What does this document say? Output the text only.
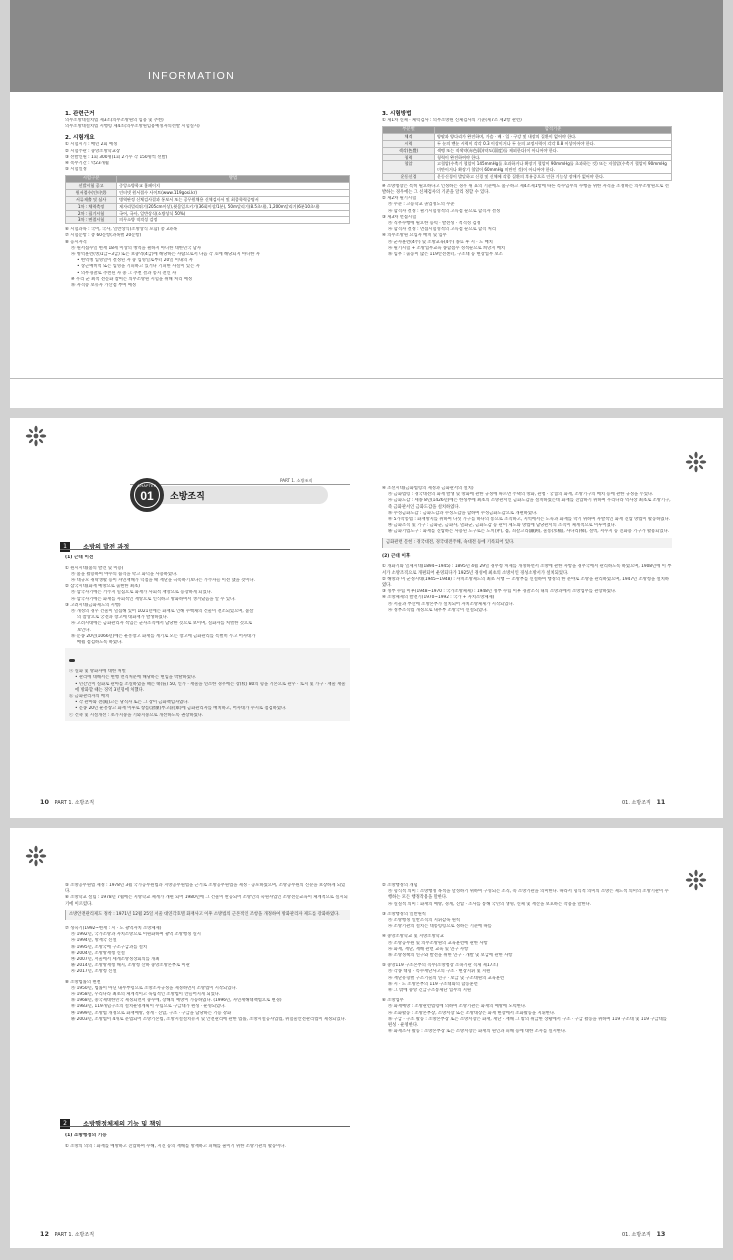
INFORMATION
1. 관련근거
의무소방대설치법 제3조(의무소방원의 임용 및 추천)
의무소방대설치법 시행령 제4조(의무소방원임용예정자의선발 시험실시)
2. 시험개요
① 시험시기 : 매년 2회 예정
② 시험주관 : 중앙소방학교장
③ 선발인원 : 1회 300명(1회 2기수 각 150명씩 선발)
④ 복무기간 : 약23개월
⑤ 시험일정
시험구분	방법
선발시험 공고	중앙소방학교 홈페이지
원서접수(인터넷)	인터넷 원서접수 사이트(www.119gosi.kr)
서류제출 및 심사	병역판정 신체검사결과 통보서 또는 공무원채용 신체검사서 및 최종학력증명서
1차 : 체력측정	제자리멀리뛰기(205cm이상),윗몸일으키기(36회이상/1분), 50m달리기(8.5초내), 1,200m달리기(6분10초내)
2차 : 필기시험	국어, 국사, 일반상식(소방상식 50%)
3차 : 면접시험	의무소방 적격성 검정
⑥ 시험과목 : 국어, 국사, 일반상식(소방상식 포함) 총 3과목
⑦ 시험문항 : 총 60문항(과목별 20문항)
⑧ 응시자격
㉮ 원서접수일 현재 18세 이상의 병역을 필하지 아니한 대한민국 남자
㉯ 병역훈련(병)1급~3급) 또는 보충역(4급)에 해당하는 사람으로서 다음 각 호에 해당되지 아니한 자
• 현역병 입영일이 결정된 자 중 입영일로부터 20일 이내의 자
• 상근예비역 또는 입영을 기피하고 있거나 기피한 사실이 있는 자
• 의무경찰로 추천된 자 중 그 추천 결과 통지 전인 자
※ 우리 군 최적 전문화 참여는 의무소방원 시험을 위해 처리 예정
㉰ 자격증 보유자 가산점 부여 예정
3. 시험방법
① 제1차 신체 · 체력검사 : 의무소방원 신체검사의 기준(제7조 제2항 관련)
부분별	합격기준
체격	양팔과 양다리가 완전하며, 가슴 · 배 · 입 · 구강 및 내장의 질환이 없어야 한다.
시력	두 눈의 맨눈 시력이 각각 0.3 이상이거나 두 눈의 교정시력이 각각 0.8 이상이어야 한다.
색각(色覺)	색맹 또는 적색약(赤色弱)(약도(弱度)를 제외한다)이 아니어야 한다.
청력	청력이 완전하여야 한다.
혈압	고혈압(수축기 혈압이 145mmHg를 초과하거나 확장기 혈압이 90mmHg를 초과하는 것) 또는 저혈압(수축기 혈압이 90mmHg 미만이거나 확장기 혈압이 60mmHg 미만인 것)이 아니어야 한다.
운동신경	운동신경이 발달하고 신경 및 신체에 각종 질환의 후유증으로 인한 기능상 장애가 없어야 한다.
※ 소방청장은 특히 필요하다고 인정하는 경우 위 표의 기준에도 불구하고 제4조제1항에 따른 특수임무의 수행을 위한 자격을 조정하는 의무소방원으로 선발하는 경우에는 그 신체검사의 기준을 달리 정할 수 있다.
② 제2차 필기시험
㉮ 수준 : 고등학교 졸업정도의 수준
㉯ 합격자 결정 : 필기시험성적의 고득점 순으로 합격자 결정
③ 제3차 면접시험
㉮ 직무수행에 필요한 능력 · 발전성 · 적격성 검정
㉯ 합격자 결정 : 면접시험성적의 고득점 순으로 합격 처리
④ 의무소방원 요입자 배치 및 임무
㉮ 군사훈련(4주) 및 소방교육(4주) 종료 후 시 · 도 배치
㉯ 필기시험 + 소방업무교육 종합점수 성적순으로 희망지 배치
㉰ 임무 : 출동이 많은 119안전센터, 구조대 등 현장업무 보조
PART 1. 소방조직
CHAPTER
01	소방조직
1	소방의 발전 과정
(1) 근대 이전
① 원시시대(불의 발견 및 이용)
㉮ 불을 활용하여 야수의 습격을 막고 화덕을 사용하였다.
㉯ 대규모 취락생활 등이 자연재해가 덕점을 때 재난을 극복하기보다는 가주자들 이전 했을 것이다.
② 삼국시대(화재 예방으로 출현한 최초)
㉮ 삼국사기에는 거주지 밀집으로 화재가 사회적 재앙으로 등장하게 되었다.
㉯ 삼국사기에는 화재를 사회적인 재앙으로 인식하고 방화하여서 생겨났음을 알 수 있다.
③ 고려시대(금화제도의 시행)
㉮ 개성의 경우 건물이 밀집해 있어 1021년에는 화재로 인해 수백채의 건물이 전소되었으며, 불살
의 참상으로 궁전과 창고에 대화재가 발생하였다.
㉯ 고려시대에는 금화관리자 적임은 군사조직에서 담당한 것으로 보이며, 실화자를 처벌한 것으로
보인다.
㉰ 문종 20년(1066년)에는 운흥창고 화재를 계기로 모든 창고에 금화관리를 특별히 두고 어사대가
매월 점검하도록 하였다.
ⓐ 실화 및 방화자에 대한 처벌
• 관리에 대해서는 현행 면직처분에 해당하는 현임을 박탈하였다.
• 민간인이 실화로 관아를 소실하였을 때는 태(笞) 50, 인가 · 재물을 연소한 경우에는 장(杖) 80의 형을 기본으로 관우 · 토지 및 가구 · 재물 재물에 방화할 때는 징역 3년형에 처했다.
ⓑ 금화관리자의 배치
• 각 관아와 전(殿)고는 당직자 또는 그 장이 금화책임자였다.
• 문종 20년 운흥창고 화재 이후로 창름(倉廩)부고(府庫)에 금화관리자를 배치하고, 어사대가 수시로 점검하였다.
ⓒ 건축 및 시설개선 : 초가지붕을 기와지붕으로 개선하도록 권장하였다.
④ 조선시대(금화법령의 제정과 금화관서의 설치)
㉮ 금화법령 : 경국대전의 화재 발생 및 방화에 관한 규정에 따르면 주택의 방화, 관청 · 궁궐의 화재, 소방기구의 배치 등에 관한 규정을 두었다.
㉯ 금화도감 : 세종 8년(1426년)에는 한성부에 최초의 소방관서인 금화도감을 설치하였는데 화재를 진압하기 위하여 우리나라 역사상 최초로 소방기구, 즉 금화관서인 금화도감을 설치하였다.
㉰ 수성금화도감 : 금화도감과 수성도감을 합하여 수성금화도감으로 개편하였다.
㉱ 5가작통법 : 화재방지를 위하여 다섯 가구를 하나의 통으로 조직하고, 지역에서는 도둑과 화재를 막기 위하여 자발적인 화재 진압 방법이 활동하였다.
㉲ 금화조직 및 기구 : 금화군, 금화사, 멸화군, 금화도감 등 관이 제도와 방법에 담당관서의 조직이 체계적으로 이루어졌다.
㉳ 금화기법도구 : 화재를 진압하는 사용된 도구로는 도끼(斧), 톱, 쇠갈고리(鐵鉤), 물통(水桶), 사다리(梯), 절벽, 저수지 등 진화용 기구가 활용되었다.
금화관련 문헌 : 경국대전, 경국대전주해, 속대전 등에 기록되어 있다.
(2) 근대 이후
① 개화기와 일제시대(1894~1945) : 1895년 4월 29일 경무청 처제를 개정하면서 소방에 관한 사항을 경무국에서 관리하도록 하였으며, 1908년에 이 부서가 소방조직으로 개편되어 운영되다가 1925년 경성에 최초의 소방서인 경성소방서가 설치되었다.
② 해방과 미 군정시대(1945~1948) : 자치소방제도의 최초 시행 — 소방부를 신설하여 행정의 한 분야로 소방을 관리하였으며, 1947년 소방청을 설치하였다.
③ 정부 수립 이후(1948~1970 : 국가소방체제) : 1948년 정부 수립 이후 경찰조직 내의 소방과에서 소방업무를 관장하였다.
④ 소방체제의 발전기(1970~1992 : 국가 + 자치소방체제)
㉮ 서울과 부산에 소방본부가 설치되어 자치소방체제가 시작되었다.
㉯ 정부조직법 개정으로 내무부 소방국이 신설되었다.
10 PART 1. 소방조직	01. 소방조직 11
⑤ 소방공무원법 제정 : 1978년 3월 국가공무원법과 지방공무원법을 근거로 소방공무원법을 제정 · 공포하였으며, 소방공무원의 신분을 보장하게 되었다.
⑥ 소방학교 설립 : 1978년 7월에는 지방학교 체계가 개편 되어 1980년에 그 건물이 완공되어 소방인의 숙원사업인 소방전문교육이 체계적으로 실시되기에 이르렀다.
소방안전관리제도 정착 : 1971년 12월 25일 서울 대연각호텔 화재사고 이후 소방법의 근본적인 조항을 개정하여 방화관리자 제도를 강화하였다.
⑦ 성숙기(1992~현재 : 시 · 도 광역자치 소방체제)
㉮ 1992년, 국가소방과 자치소방으로 이원화하여 광역 소방행정 실시
㉯ 1994년, 방재국 신설
㉰ 1995년, 소방국에 구조구급과를 설치
㉱ 2004년, 소방방재청 신설
㉲ 2007년, 서울에서 세계소방정상회의를 개최
㉳ 2014년, 소방방재청 해지, 소방청 산하 중앙소방본부로 이관
㉴ 2017년, 소방청 신설
⑧ 소방법률의 변천
㉮ 1950년, 법률이 아닌 내무부령으로 소방조사규정을 제정하면서 소방법이 시작되었다.
㉯ 1958년, 우리나라 최초의 체계적이고 독립적인 소방법이 만들어지게 되었다.
㉰ 1968년, 중국제대한민국 제정되면서 중수에, 장해의 예방이 가능하였다. (1996년, 자연재해대책법으로 변경)
㉱ 1983년, 119개념구조의 설치운영계획이 수립으로 구급대가 편성 · 운영되었다.
㉲ 1999년, 소방법 개정으로 화재예방, 경계 · 진압, 구조 · 구급을 담당하는 기능 강화
㉳ 2003년, 소방법이 4개로 분법되어 소방기본법, 소방시설설치유지 및 안전관리에 관한 법률, 소방시설공사업법, 위험물안전관리법이 제정되었다.
2	소방행정체제의 기능 및 책임
(1) 소방행정의 기능
① 소방의 의의 : 화재를 예방하고 진압하며 수해, 지진 등의 재해를 방재하고 피해를 줄이기 위한 소방기관의 활동이다.
② 소방행정의 개념
㉮ 형식적 의미 : 소방행정 목적을 달성하기 위하여 구성되는 조직, 즉 소방기관을 의미한다. 따라서 형식적 의미의 소방은 제도적 의미의 소방기관이 수행하는 모든 행정작용을 말한다.
㉯ 실질적 의미 : 화재의 예방, 경계, 진압 · 조사를 통해 국민의 생명, 신체 및 재산을 보호하는 작용을 말한다.
③ 소방행정의 일반원칙
㉮ 소방행정 일반조직의 지휘감독 원칙
㉯ 소방기관의 설치는 대통령령으로 정하는 기준에 따름
④ 중앙소방학교 및 지방소방학교
㉮ 소방공무원 및 의무소방원의 교육훈련에 관한 사항
㉯ 화재, 재난, 재해 관련 교육 및 연구 사항
㉰ 소방정책의 연구와 발전을 위한 연구 · 개발 및 보급에 관한 사항
⑤ 중앙119 구조본부의 직무(소방청장 소속기관 직제 제17조)
㉮ 각종 대형 · 특수재난사고의 구조 · 현장지휘 및 지원
㉯ 재난유형별 구조기술의 연구 · 보급 및 구조대원의 교육훈련
㉰ 시 · 도 소방본부의 119 구조대와의 합동훈련
㉱ 그 밖에 중앙 긴급구조통제단 업무의 지원
⑥ 소방업무
㉮ 화재예방 : 소방관련법령에 의하여 소방기관은 화재의 예방에 노력한다.
㉯ 소화활동 : 소방본부장, 소방서장 또는 소방대장은 화재 현장에서 소화활동을 지휘한다.
㉰ 구급 · 구조 활동 : 소방본부장 또는 소방서장은 화재, 재난 · 재해 그 밖의 위급한 상황에서 구조 · 구급 활동을 위하여 119 구조대 및 119 구급대를 편성 · 운영한다.
㉱ 화재조사 활동 : 소방본부장 또는 소방서장은 화재의 원인과 피해 등에 대한 조사를 실시한다.
12 PART 1. 소방조직	01. 소방조직 13
